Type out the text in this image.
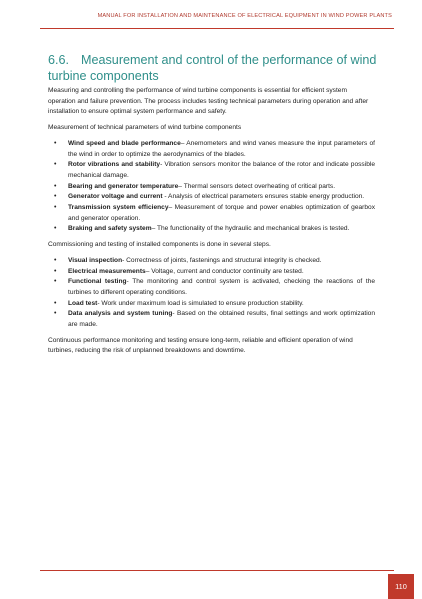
MANUAL FOR INSTALLATION AND MAINTENANCE OF ELECTRICAL EQUIPMENT IN WIND POWER PLANTS
6.6. Measurement and control of the performance of wind turbine components

Measuring and controlling the performance of wind turbine components is essential for efficient system operation and failure prevention. The process includes testing technical parameters during operation and after installation to ensure optimal system performance and safety.

Measurement of technical parameters of wind turbine components

• Wind speed and blade performance– Anemometers and wind vanes measure the input parameters of the wind in order to optimize the aerodynamics of the blades.
• Rotor vibrations and stability- Vibration sensors monitor the balance of the rotor and indicate possible mechanical damage.
• Bearing and generator temperature– Thermal sensors detect overheating of critical parts.
• Generator voltage and current - Analysis of electrical parameters ensures stable energy production.
• Transmission system efficiency– Measurement of torque and power enables optimization of gearbox and generator operation.
• Braking and safety system– The functionality of the hydraulic and mechanical brakes is tested.

Commissioning and testing of installed components is done in several steps.

• Visual inspection- Correctness of joints, fastenings and structural integrity is checked.
• Electrical measurements– Voltage, current and conductor continuity are tested.
• Functional testing- The monitoring and control system is activated, checking the reactions of the turbines to different operating conditions.
• Load test- Work under maximum load is simulated to ensure production stability.
• Data analysis and system tuning- Based on the obtained results, final settings and work optimization are made.

Continuous performance monitoring and testing ensure long-term, reliable and efficient operation of wind turbines, reducing the risk of unplanned breakdowns and downtime.

110
